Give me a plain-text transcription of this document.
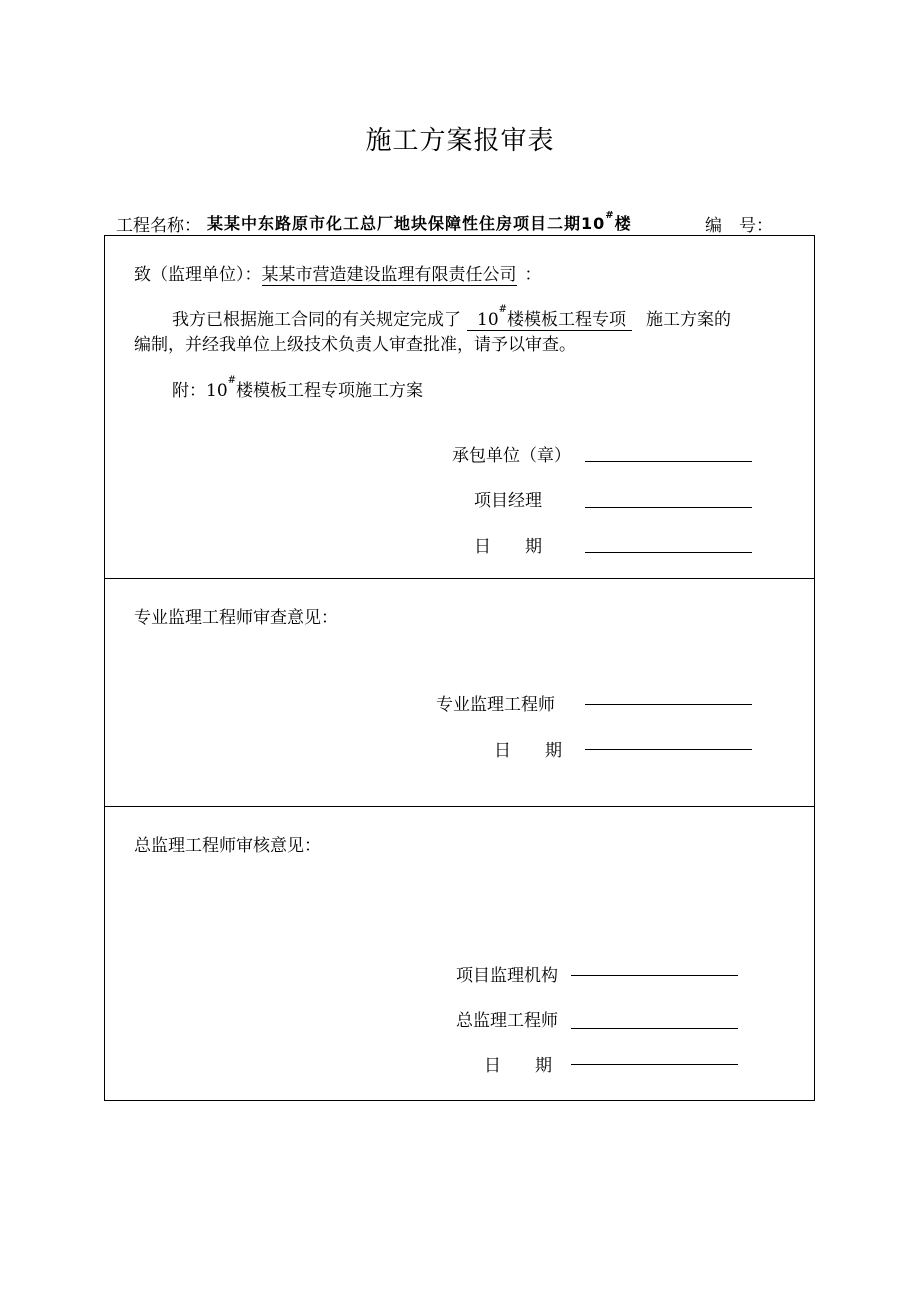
施工方案报审表
工程名称： 某某中东路原市化工总厂地块保障性住房项目二期10#楼	编　号：
致（监理单位）：某某市营造建设监理有限责任公司 ：
我方已根据施工合同的有关规定完成了 10#楼模板工程专项 施工方案的
编制，并经我单位上级技术负责人审查批准，请予以审查。
附：10#楼模板工程专项施工方案
承包单位（章）
项目经理
日　　期
专业监理工程师审查意见：
专业监理工程师
日　　期
总监理工程师审核意见：
项目监理机构
总监理工程师
日　　期
